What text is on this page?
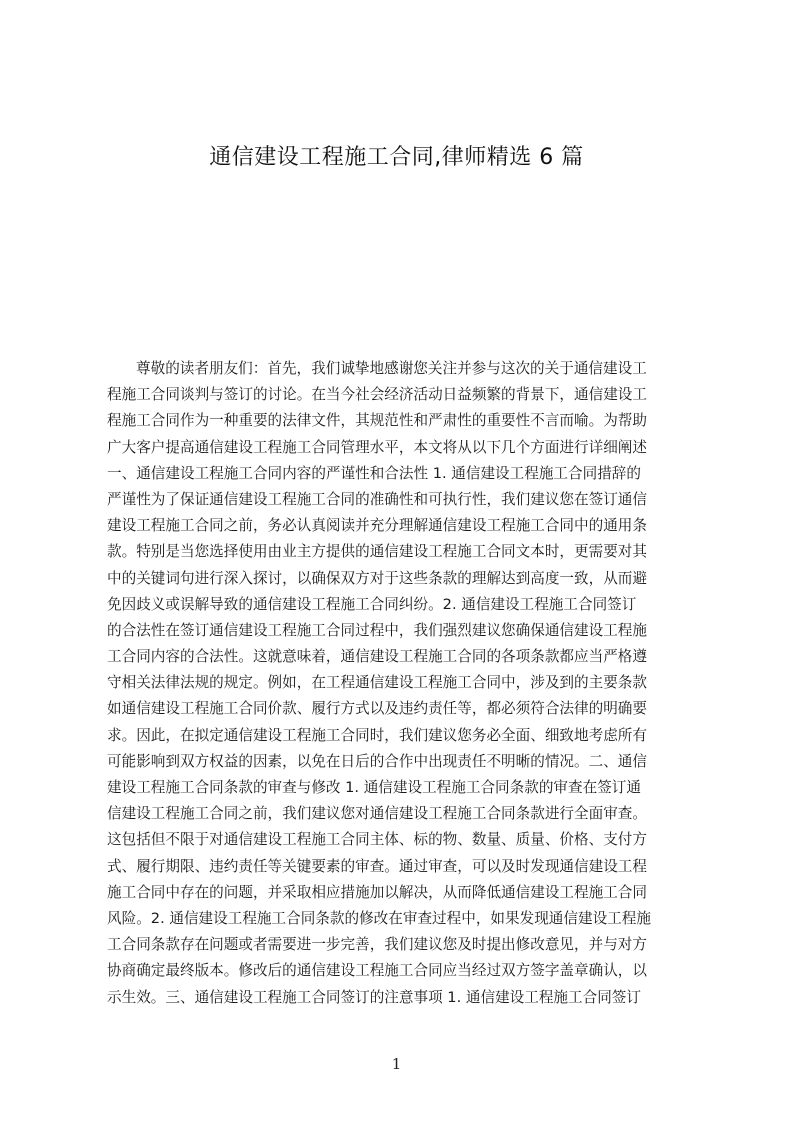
通信建设工程施工合同,律师精选 6 篇
尊敬的读者朋友们：首先，我们诚挚地感谢您关注并参与这次的关于通信建设工
程施工合同谈判与签订的讨论。在当今社会经济活动日益频繁的背景下，通信建设工
程施工合同作为一种重要的法律文件，其规范性和严肃性的重要性不言而喻。为帮助
广大客户提高通信建设工程施工合同管理水平，本文将从以下几个方面进行详细阐述
一、通信建设工程施工合同内容的严谨性和合法性 1. 通信建设工程施工合同措辞的
严谨性为了保证通信建设工程施工合同的准确性和可执行性，我们建议您在签订通信
建设工程施工合同之前，务必认真阅读并充分理解通信建设工程施工合同中的通用条
款。特别是当您选择使用由业主方提供的通信建设工程施工合同文本时，更需要对其
中的关键词句进行深入探讨，以确保双方对于这些条款的理解达到高度一致，从而避
免因歧义或误解导致的通信建设工程施工合同纠纷。2. 通信建设工程施工合同签订
的合法性在签订通信建设工程施工合同过程中，我们强烈建议您确保通信建设工程施
工合同内容的合法性。这就意味着，通信建设工程施工合同的各项条款都应当严格遵
守相关法律法规的规定。例如，在工程通信建设工程施工合同中，涉及到的主要条款
如通信建设工程施工合同价款、履行方式以及违约责任等，都必须符合法律的明确要
求。因此，在拟定通信建设工程施工合同时，我们建议您务必全面、细致地考虑所有
可能影响到双方权益的因素，以免在日后的合作中出现责任不明晰的情况。二、通信
建设工程施工合同条款的审查与修改 1. 通信建设工程施工合同条款的审查在签订通
信建设工程施工合同之前，我们建议您对通信建设工程施工合同条款进行全面审查。
这包括但不限于对通信建设工程施工合同主体、标的物、数量、质量、价格、支付方
式、履行期限、违约责任等关键要素的审查。通过审查，可以及时发现通信建设工程
施工合同中存在的问题，并采取相应措施加以解决，从而降低通信建设工程施工合同
风险。2. 通信建设工程施工合同条款的修改在审查过程中，如果发现通信建设工程施
工合同条款存在问题或者需要进一步完善，我们建议您及时提出修改意见，并与对方
协商确定最终版本。修改后的通信建设工程施工合同应当经过双方签字盖章确认，以
示生效。三、通信建设工程施工合同签订的注意事项 1. 通信建设工程施工合同签订
1
